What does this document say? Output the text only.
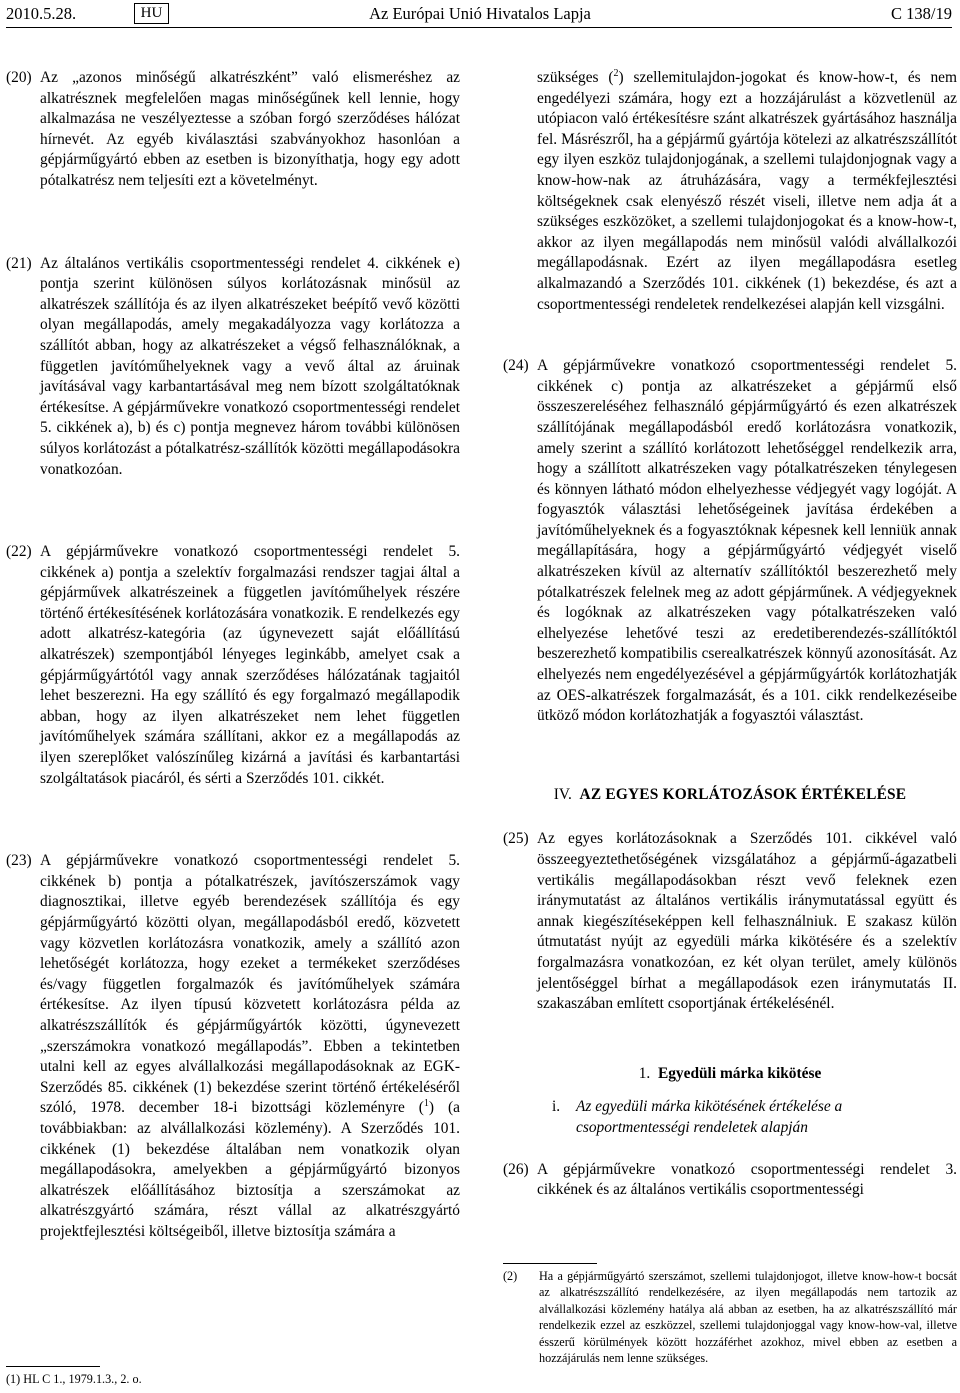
2010.5.28.	HU	Az Európai Unió Hivatalos Lapja	C 138/19
(20) Az „azonos minőségű alkatrészként” való elismeréshez az alkatrésznek megfelelően magas minőségűnek kell lennie, hogy alkalmazása ne veszélyeztesse a szóban forgó szerződéses hálózat hírnevét. Az egyéb kiválasztási szabványokhoz hasonlóan a gépjárműgyártó ebben az esetben is bizonyíthatja, hogy egy adott pótalkatrész nem teljesíti ezt a követelményt.
(21) Az általános vertikális csoportmentességi rendelet 4. cikkének e) pontja szerint különösen súlyos korlátozásnak minősül az alkatrészek szállítója és az ilyen alkatrészeket beépítő vevő közötti olyan megállapodás, amely megakadályozza vagy korlátozza a szállítót abban, hogy az alkatrészeket a végső felhasználóknak, a független javítóműhelyeknek vagy a vevő által az áruinak javításával vagy karbantartásával meg nem bízott szolgáltatóknak értékesítse. A gépjárművekre vonatkozó csoportmentességi rendelet 5. cikkének a), b) és c) pontja megnevez három további különösen súlyos korlátozást a pótalkatrész-szállítók közötti megállapodásokra vonatkozóan.
(22) A gépjárművekre vonatkozó csoportmentességi rendelet 5. cikkének a) pontja a szelektív forgalmazási rendszer tagjai által a gépjárművek alkatrészeinek a független javítóműhelyek részére történő értékesítésének korlátozására vonatkozik. E rendelkezés egy adott alkatrész-kategória (az úgynevezett saját előállítású alkatrészek) szempontjából lényeges leginkább, amelyet csak a gépjárműgyártótól vagy annak szerződéses hálózatának tagjaitól lehet beszerezni. Ha egy szállító és egy forgalmazó megállapodik abban, hogy az ilyen alkatrészeket nem lehet független javítóműhelyek számára szállítani, akkor ez a megállapodás az ilyen szereplőket valószínűleg kizárná a javítási és karbantartási szolgáltatások piacáról, és sérti a Szerződés 101. cikkét.
(23) A gépjárművekre vonatkozó csoportmentességi rendelet 5. cikkének b) pontja a pótalkatrészek, javítószerszámok vagy diagnosztikai, illetve egyéb berendezések szállítója és egy gépjárműgyártó közötti olyan, megállapodásból eredő, közvetett vagy közvetlen korlátozásra vonatkozik, amely a szállító azon lehetőségét korlátozza, hogy ezeket a termékeket szerződéses és/vagy független forgalmazók és javítóműhelyek számára értékesítse. Az ilyen típusú közvetett korlátozásra példa az alkatrészszállítók és gépjárműgyártók közötti, úgynevezett „szerszámokra vonatkozó megállapodás”. Ebben a tekintetben utalni kell az egyes alvállalkozási megállapodásoknak az EGK-Szerződés 85. cikkének (1) bekezdése szerint történő értékeléséről szóló, 1978. december 18-i bizottsági közleményre ($^1$) (a továbbiakban: az alvállalkozási közlemény). A Szerződés 101. cikkének (1) bekezdése általában nem vonatkozik olyan megállapodásokra, amelyekben a gépjárműgyártó bizonyos alkatrészek előállításához biztosítja a szerszámokat az alkatrészgyártó számára, részt vállal az alkatrészgyártó projektfejlesztési költségeiből, illetve biztosítja számára a
(1) HL C 1., 1979.1.3., 2. o.
szükséges ($^2$) szellemitulajdon-jogokat és know-how-t, és nem engedélyezi számára, hogy ezt a hozzájárulást a közvetlenül az utópiacon való értékesítésre szánt alkatrészek gyártásához használja fel. Másrészről, ha a gépjármű gyártója kötelezi az alkatrészszállítót egy ilyen eszköz tulajdonjogának, a szellemi tulajdonjognak vagy a know-how-nak az átruházására, vagy a termékfejlesztési költségeknek csak elenyésző részét viseli, illetve nem adja át a szükséges eszközöket, a szellemi tulajdonjogokat és a know-how-t, akkor az ilyen megállapodás nem minősül valódi alvállalkozói megállapodásnak. Ezért az ilyen megállapodásra esetleg alkalmazandó a Szerződés 101. cikkének (1) bekezdése, és azt a csoportmentességi rendeletek rendelkezései alapján kell vizsgálni.
(24) A gépjárművekre vonatkozó csoportmentességi rendelet 5. cikkének c) pontja az alkatrészeket a gépjármű első összeszereléséhez felhasználó gépjárműgyártó és ezen alkatrészek szállítójának megállapodásból eredő korlátozásra vonatkozik, amely szerint a szállító korlátozott lehetőséggel rendelkezik arra, hogy a szállított alkatrészeken vagy pótalkatrészeken ténylegesen és könnyen látható módon elhelyezhesse védjegyét vagy logóját. A fogyasztók választási lehetőségeinek javítása érdekében a javítóműhelyeknek és a fogyasztóknak képesnek kell lenniük annak megállapítására, hogy a gépjárműgyártó védjegyét viselő alkatrészeken kívül az alternatív szállítóktól beszerezhető mely pótalkatrészek felelnek meg az adott gépjárműnek. A védjegyeknek és logóknak az alkatrészeken vagy pótalkatrészeken való elhelyezése lehetővé teszi az eredetiberendezés-szállítóktól beszerezhető kompatibilis cserealkatrészek könnyű azonosítását. Az elhelyezés nem engedélyezésével a gépjárműgyártók korlátozhatják az OES-alkatrészek forgalmazását, és a 101. cikk rendelkezéseibe ütköző módon korlátozhatják a fogyasztói választást.
IV. AZ EGYES KORLÁTOZÁSOK ÉRTÉKELÉSE
(25) Az egyes korlátozásoknak a Szerződés 101. cikkével való összeegyeztethetőségének vizsgálatához a gépjármű-ágazatbeli vertikális megállapodásokban részt vevő feleknek ezen iránymutatást az általános vertikális iránymutatással együtt és annak kiegészítéseképpen kell felhasználniuk. E szakasz külön útmutatást nyújt az egyedüli márka kikötésére és a szelektív forgalmazásra vonatkozóan, ez két olyan terület, amely különös jelentőséggel bírhat a megállapodások ezen iránymutatás II. szakaszában említett csoportjának értékelésénél.
1. Egyedüli márka kikötése
i.	Az egyedüli márka kikötésének értékelése a csoportmentességi rendeletek alapján
(26) A gépjárművekre vonatkozó csoportmentességi rendelet 3. cikkének és az általános vertikális csoportmentességi
(2)	Ha a gépjárműgyártó szerszámot, szellemi tulajdonjogot, illetve know-how-t bocsát az alkatrészszállító rendelkezésére, az ilyen megállapodás nem tartozik az alvállalkozási közlemény hatálya alá abban az esetben, ha az alkatrészszállító már rendelkezik ezzel az eszközzel, szellemi tulajdonjoggal vagy know-how-val, illetve ésszerű körülmények között hozzáférhet azokhoz, mivel ebben az esetben a hozzájárulás nem lenne szükséges.
